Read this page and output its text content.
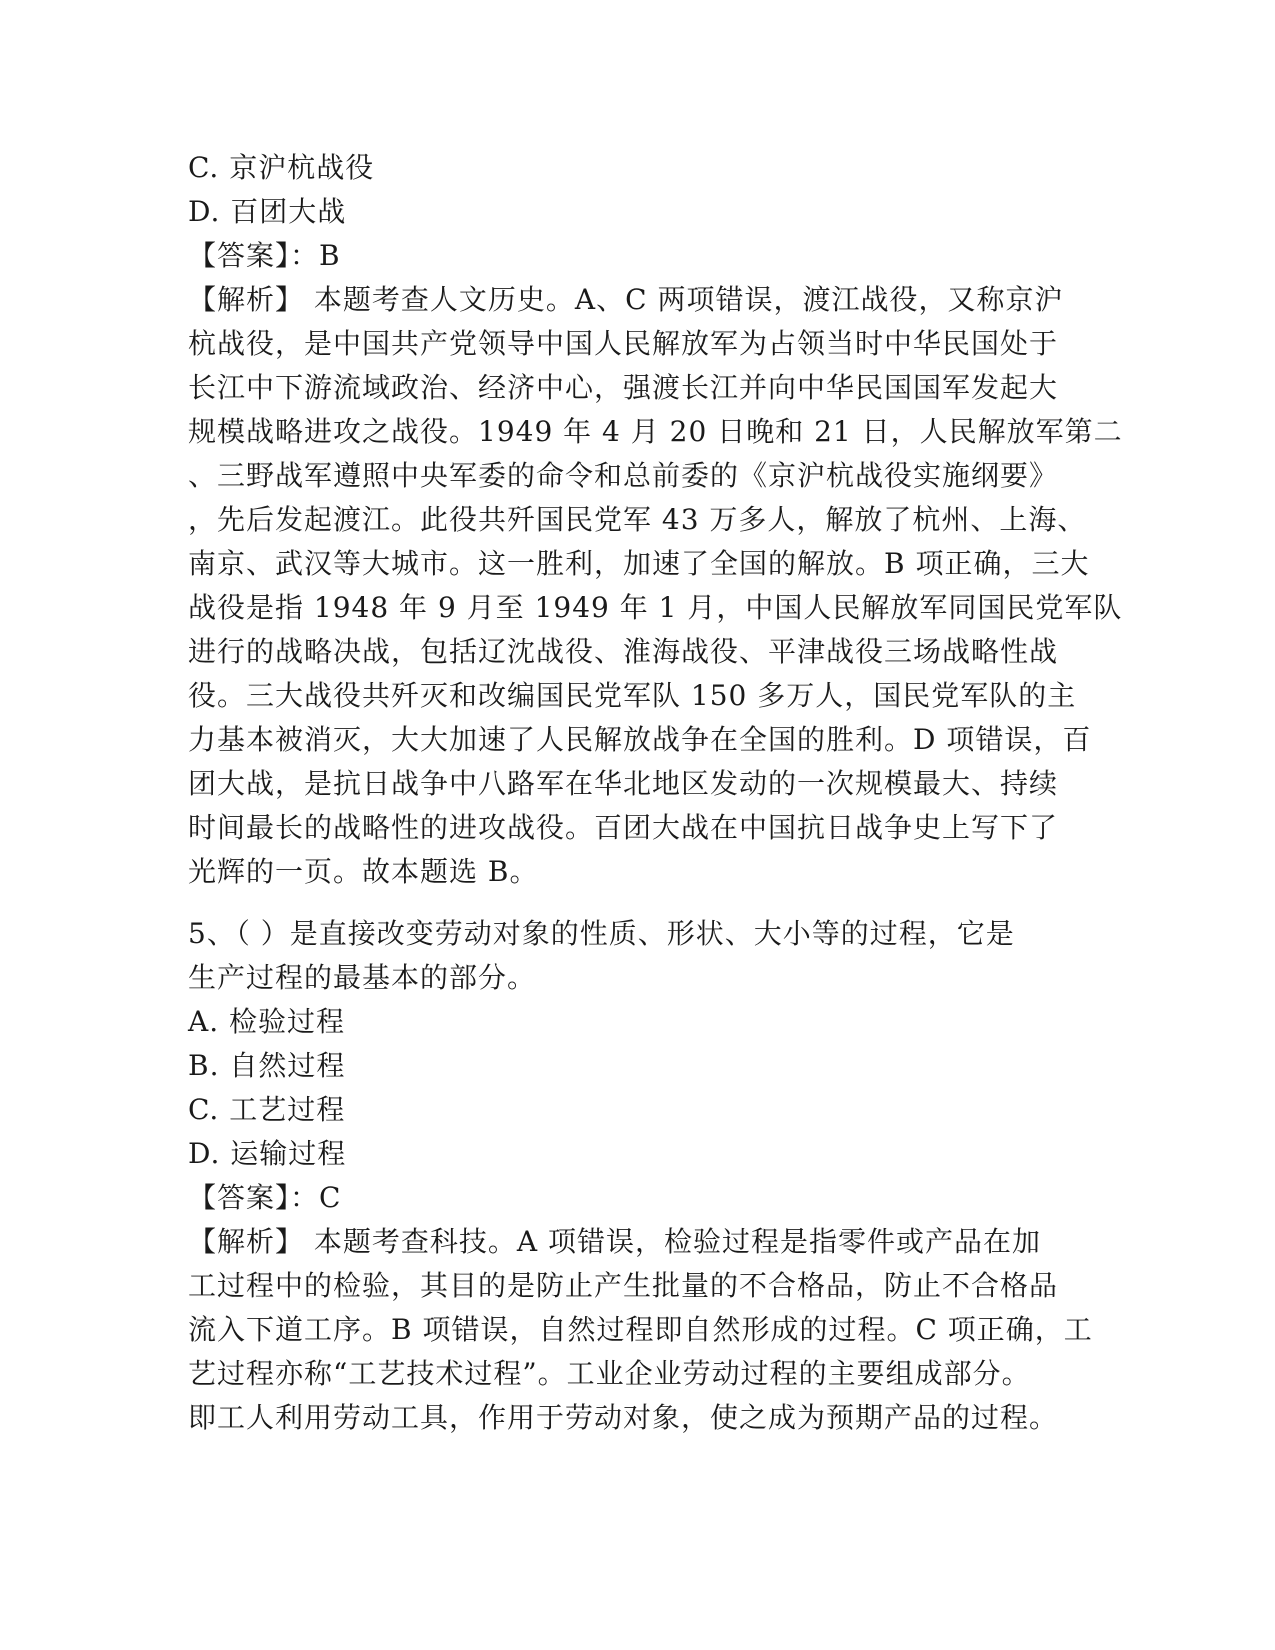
C. 京沪杭战役
D. 百团大战
【答案】：B
【解析】 本题考查人文历史。A、C 两项错误，渡江战役，又称京沪
杭战役，是中国共产党领导中国人民解放军为占领当时中华民国处于
长江中下游流域政治、经济中心，强渡长江并向中华民国国军发起大
规模战略进攻之战役。1949 年 4 月 20 日晚和 21 日，人民解放军第二
、三野战军遵照中央军委的命令和总前委的《京沪杭战役实施纲要》
，先后发起渡江。此役共歼国民党军 43 万多人，解放了杭州、上海、
南京、武汉等大城市。这一胜利，加速了全国的解放。B 项正确，三大
战役是指 1948 年 9 月至 1949 年 1 月，中国人民解放军同国民党军队
进行的战略决战，包括辽沈战役、淮海战役、平津战役三场战略性战
役。三大战役共歼灭和改编国民党军队 150 多万人，国民党军队的主
力基本被消灭，大大加速了人民解放战争在全国的胜利。D 项错误，百
团大战，是抗日战争中八路军在华北地区发动的一次规模最大、持续
时间最长的战略性的进攻战役。百团大战在中国抗日战争史上写下了
光辉的一页。故本题选 B。
5、（ ）是直接改变劳动对象的性质、形状、大小等的过程，它是
生产过程的最基本的部分。
A. 检验过程
B. 自然过程
C. 工艺过程
D. 运输过程
【答案】：C
【解析】 本题考查科技。A 项错误，检验过程是指零件或产品在加
工过程中的检验，其目的是防止产生批量的不合格品，防止不合格品
流入下道工序。B 项错误，自然过程即自然形成的过程。C 项正确，工
艺过程亦称“工艺技术过程”。工业企业劳动过程的主要组成部分。
即工人利用劳动工具，作用于劳动对象，使之成为预期产品的过程。
